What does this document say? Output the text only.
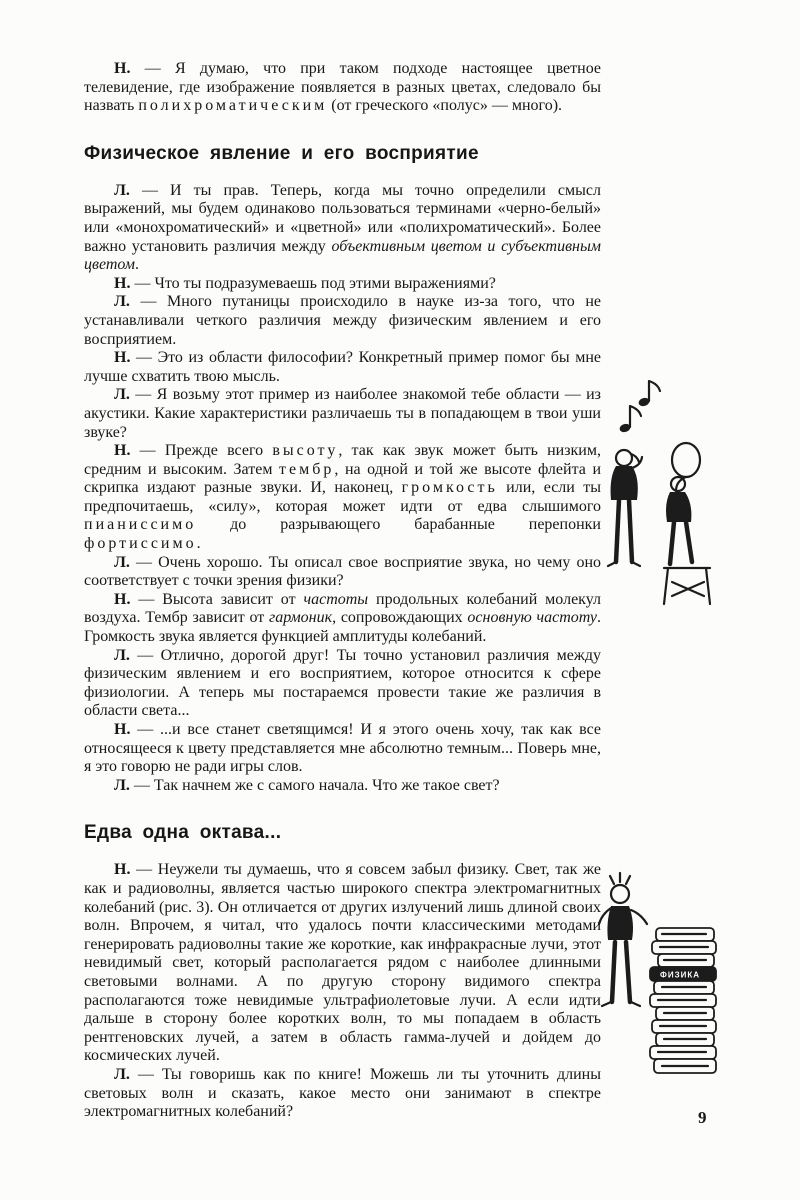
Н. — Я думаю, что при таком подходе настоящее цветное телевидение, где изображение появляется в разных цветах, следовало бы назвать полихроматическим (от греческого «полус» — много).

Физическое явление и его восприятие

Л. — И ты прав. Теперь, когда мы точно определили смысл выражений, мы будем одинаково пользоваться терминами «черно-белый» или «монохроматический» и «цветной» или «полихроматический». Более важно установить различия между объективным цветом и субъективным цветом.

Н. — Что ты подразумеваешь под этими выражениями?

Л. — Много путаницы происходило в науке из-за того, что не устанавливали четкого различия между физическим явлением и его восприятием.

Н. — Это из области философии? Конкретный пример помог бы мне лучше схватить твою мысль.

Л. — Я возьму этот пример из наиболее знакомой тебе области — из акустики. Какие характеристики различаешь ты в попадающем в твои уши звуке?

Н. — Прежде всего высоту, так как звук может быть низким, средним и высоким. Затем тембр, на одной и той же высоте флейта и скрипка издают разные звуки. И, наконец, громкость или, если ты предпочитаешь, «силу», которая может идти от едва слышимого пианиссимо до разрывающего барабанные перепонки фортиссимо.

Л. — Очень хорошо. Ты описал свое восприятие звука, но чему оно соответствует с точки зрения физики?

Н. — Высота зависит от частоты продольных колебаний молекул воздуха. Тембр зависит от гармоник, сопровождающих основную частоту. Громкость звука является функцией амплитуды колебаний.

Л. — Отлично, дорогой друг! Ты точно установил различия между физическим явлением и его восприятием, которое относится к сфере физиологии. А теперь мы постараемся провести такие же различия в области света...

Н. — ...и все станет светящимся! И я этого очень хочу, так как все относящееся к цвету представляется мне абсолютно темным... Поверь мне, я это говорю не ради игры слов.

Л. — Так начнем же с самого начала. Что же такое свет?

Едва одна октава...

Н. — Неужели ты думаешь, что я совсем забыл физику. Свет, так же как и радиоволны, является частью широкого спектра электромагнитных колебаний (рис. 3). Он отличается от других излучений лишь длиной своих волн. Впрочем, я читал, что удалось почти классическими методами генерировать радиоволны такие же короткие, как инфракрасные лучи, этот невидимый свет, который располагается рядом с наиболее длинными световыми волнами. А по другую сторону видимого спектра располагаются тоже невидимые ультрафиолетовые лучи. А если идти дальше в сторону более коротких волн, то мы попадаем в область рентгеновских лучей, а затем в область гамма-лучей и дойдем до космических лучей.

Л. — Ты говоришь как по книге! Можешь ли ты уточнить длины световых волн и сказать, какое место они занимают в спектре электромагнитных колебаний?

ФИЗИКА
9
